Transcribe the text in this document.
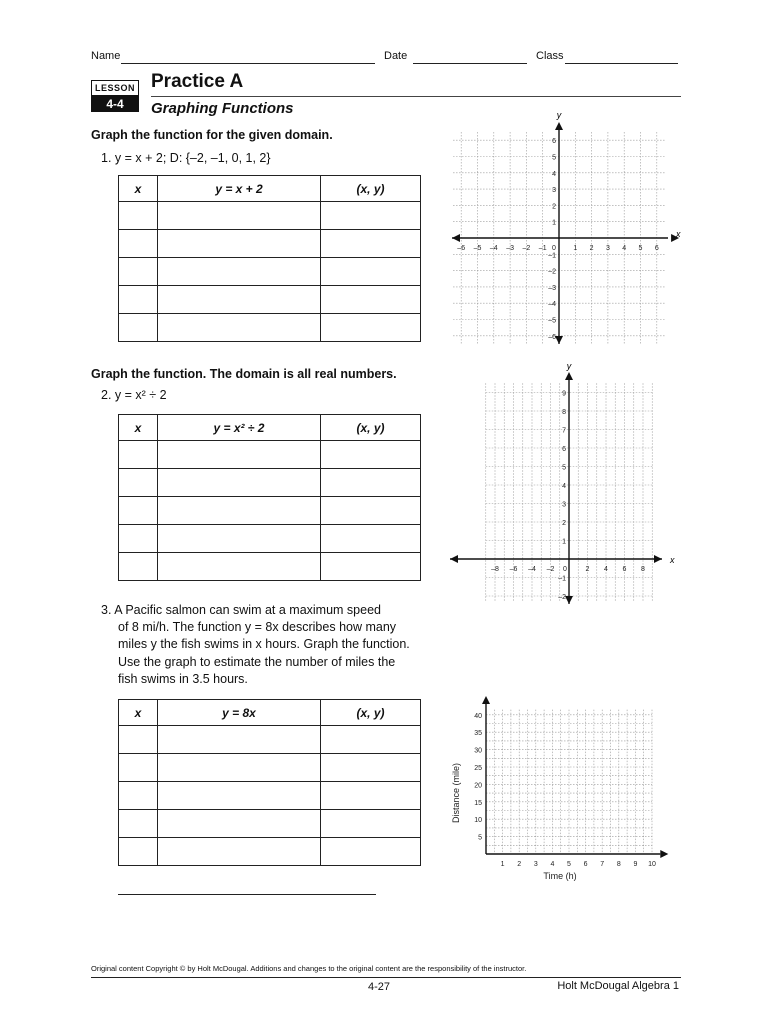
Name	Date	Class
LESSON
4-4
Practice A
Graphing Functions
Graph the function for the given domain.
1. y = x + 2; D: {–2, –1, 0, 1, 2}
x	y = x + 2	(x, y)

y
x
–6 –5 –4 –3 –2 –1 0 1 2 3 4 5 6
1
2
3
4
5
6
–1
–2
–3
–4
–5
–6
Graph the function. The domain is all real numbers.
2. y = x² ÷ 2
x	y = x² ÷ 2	(x, y)

y
x
–8 –6 –4 –2 0	2 4 6 8
1
2
3
4
5
6
7
8
9
–1
–2
3. A Pacific salmon can swim at a maximum speed
of 8 mi/h. The function y = 8x describes how many
miles y the fish swims in x hours. Graph the function.
Use the graph to estimate the number of miles the
fish swims in 3.5 hours.
x	y = 8x	(x, y)

1 2 3 4 5 6 7 8 9 10
5
10
15
20
25
30
35
40
Time (h)
Distance (mile)
Original content Copyright © by Holt McDougal. Additions and changes to the original content are the responsibility of the instructor.
4-27	Holt McDougal Algebra 1
